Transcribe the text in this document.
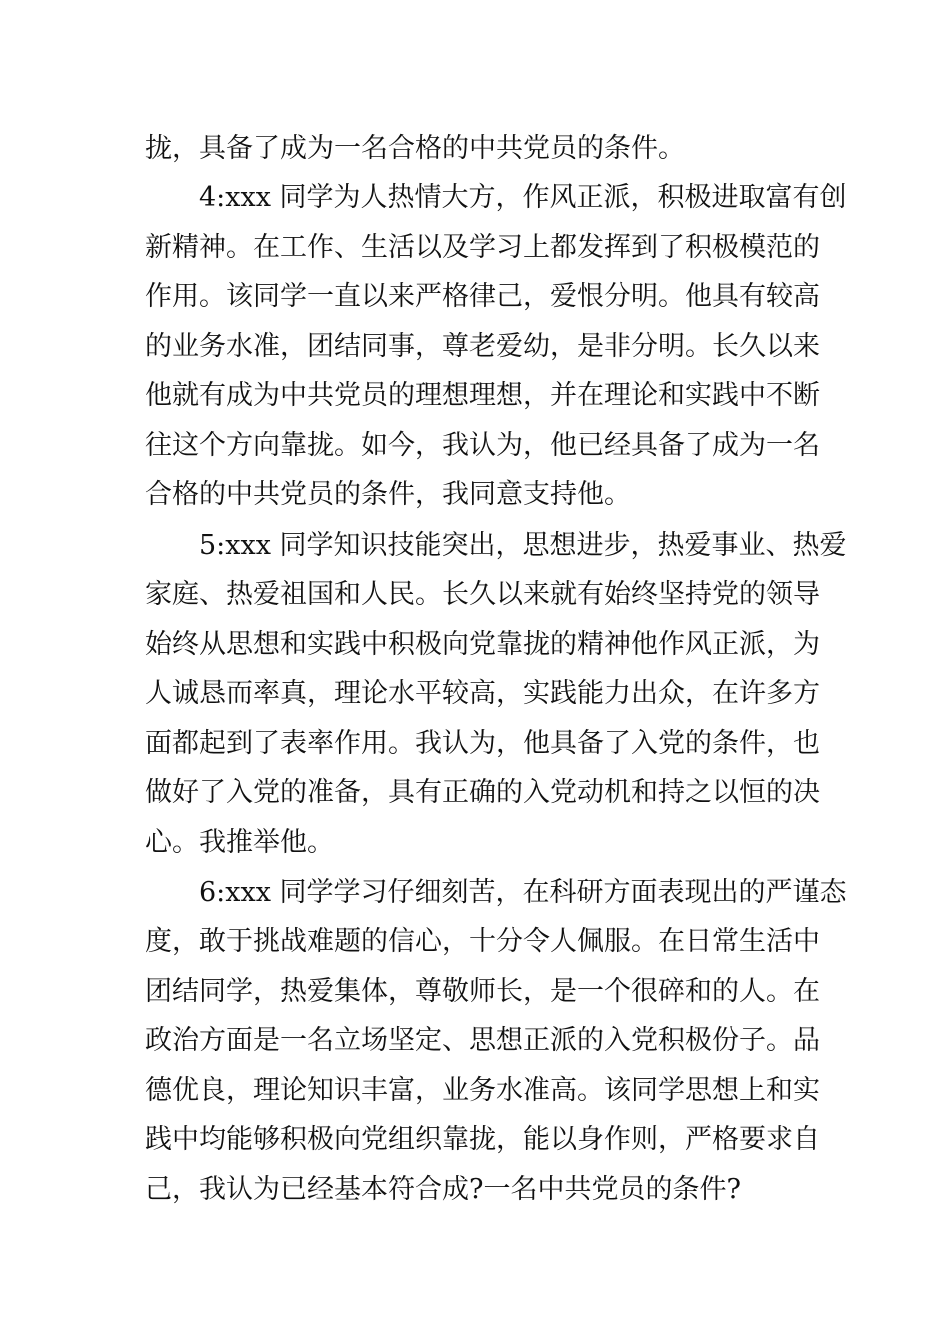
拢，具备了成为一名合格的中共党员的条件。
4:xxx 同学为人热情大方，作风正派，积极进取富有创
新精神。在工作、生活以及学习上都发挥到了积极模范的
作用。该同学一直以来严格律己，爱恨分明。他具有较高
的业务水准，团结同事，尊老爱幼，是非分明。长久以来
他就有成为中共党员的理想理想，并在理论和实践中不断
往这个方向靠拢。如今，我认为，他已经具备了成为一名
合格的中共党员的条件，我同意支持他。
5:xxx 同学知识技能突出，思想进步，热爱事业、热爱
家庭、热爱祖国和人民。长久以来就有始终坚持党的领导
始终从思想和实践中积极向党靠拢的精神他作风正派，为
人诚恳而率真，理论水平较高，实践能力出众，在许多方
面都起到了表率作用。我认为，他具备了入党的条件，也
做好了入党的准备，具有正确的入党动机和持之以恒的决
心。我推举他。
6:xxx 同学学习仔细刻苦，在科研方面表现出的严谨态
度，敢于挑战难题的信心，十分令人佩服。在日常生活中
团结同学，热爱集体，尊敬师长，是一个很碎和的人。在
政治方面是一名立场坚定、思想正派的入党积极份子。品
德优良，理论知识丰富，业务水准高。该同学思想上和实
践中均能够积极向党组织靠拢，能以身作则，严格要求自
己，我认为已经基本符合成?一名中共党员的条件?
